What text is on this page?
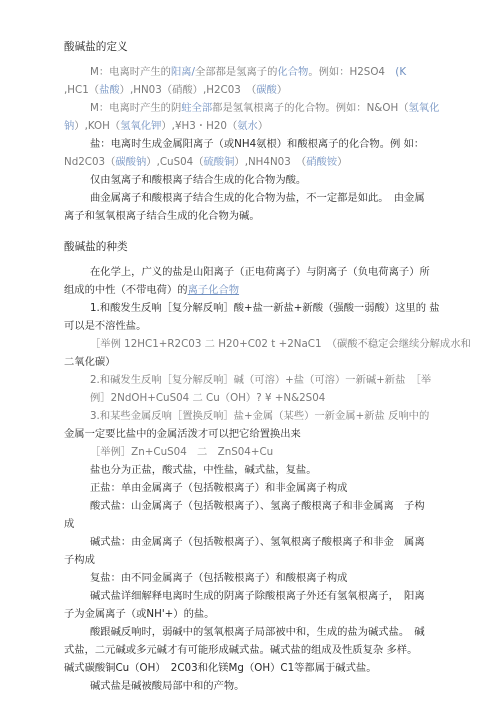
酸碱盐的定义

M：电离时产生的阳离/全部都是氢离子的化合物。例如：H2SO4　(K

,HC1（盐酸）,HN03（硝酸）,H2C03　（碳酸）

M：电离时产生的阴蛀全部都是氢氧根离子的化合物。例如：N&OH（氢氧化

钠）,KOH（氢氧化钾）,¥H3・H20（氨水）

盐：电离时生成金属阳离子（或NH4氨根）和酸根离子的化合物。例 如：

Nd2C03（碳酸钠）,CuS04（硫酸铜）,NH4N03　（硝酸铵）

仅由氢离子和酸根离子结合生成的化合物为酸。

曲金属离子和酸根离子结合生成的化合物为盐，不一定都是如此。　由金属

离子和氢氧根离子结合生成的化合物为碱。

酸碱盐的种类

在化学上，广义的盐是山阳离子（正电荷离子）与阴离子（负电荷离子）所

组成的中性（不带电荷）的离子化合物

1.和酸发生反响［复分解反响］酸+盐一新盐+新酸（强酸一弱酸）这里的 盐

可以是不溶性盐。

［举例 12HC1+R2C03 二 H20+C02 t +2NaC1　（碳酸不稳定会继续分解成水和

二氧化碳）

2.和碱发生反响［复分解反响］碱（可溶）+盐（可溶）一新碱+新盐　［举

例］2NdOH+CuS04 二 Cu（OH）? ¥ +N&2S04

3.和某些金属反响［置换反响］盐+金属（某些）一新金属+新盐 反响中的

金属一定要比盐中的金属活泼才可以把它给置换出来

［举例］Zn+CuS04　二　ZnS04+Cu

盐也分为正盐，酸式盐，中性盐，碱式盐，复盐。

正盐：单由金属离子（包括鞍根离子）和非金属离子构成

酸式盐：山金属离子（包括鞍根离子）、氢离子酸根离子和非金属离　子构

成

碱式盐：由金属离子（包括鞍根离子）、氢氧根离子酸根离子和非金　属离

子构成

复盐：由不同金属离子（包括鞍根离子）和酸根离子构成

碱式盐详细解释电离时生成的阴离子除酸根离子外还有氢氧根离子，　阳离

子为金属离子（或NH'+）的盐。

酸跟碱反响时，弱碱中的氢氧根离子局部被中和，生成的盐为碱式盐。　碱

式盐，二元碱或多元碱才有可能形成碱式盐。碱式盐的组成及性质复杂 多样。

碱式碳酸铜Cu（OH）　2C03和化镁Mg（OH）C1等都属于碱式盐。

碱式盐是碱被酸局部中和的产物。
